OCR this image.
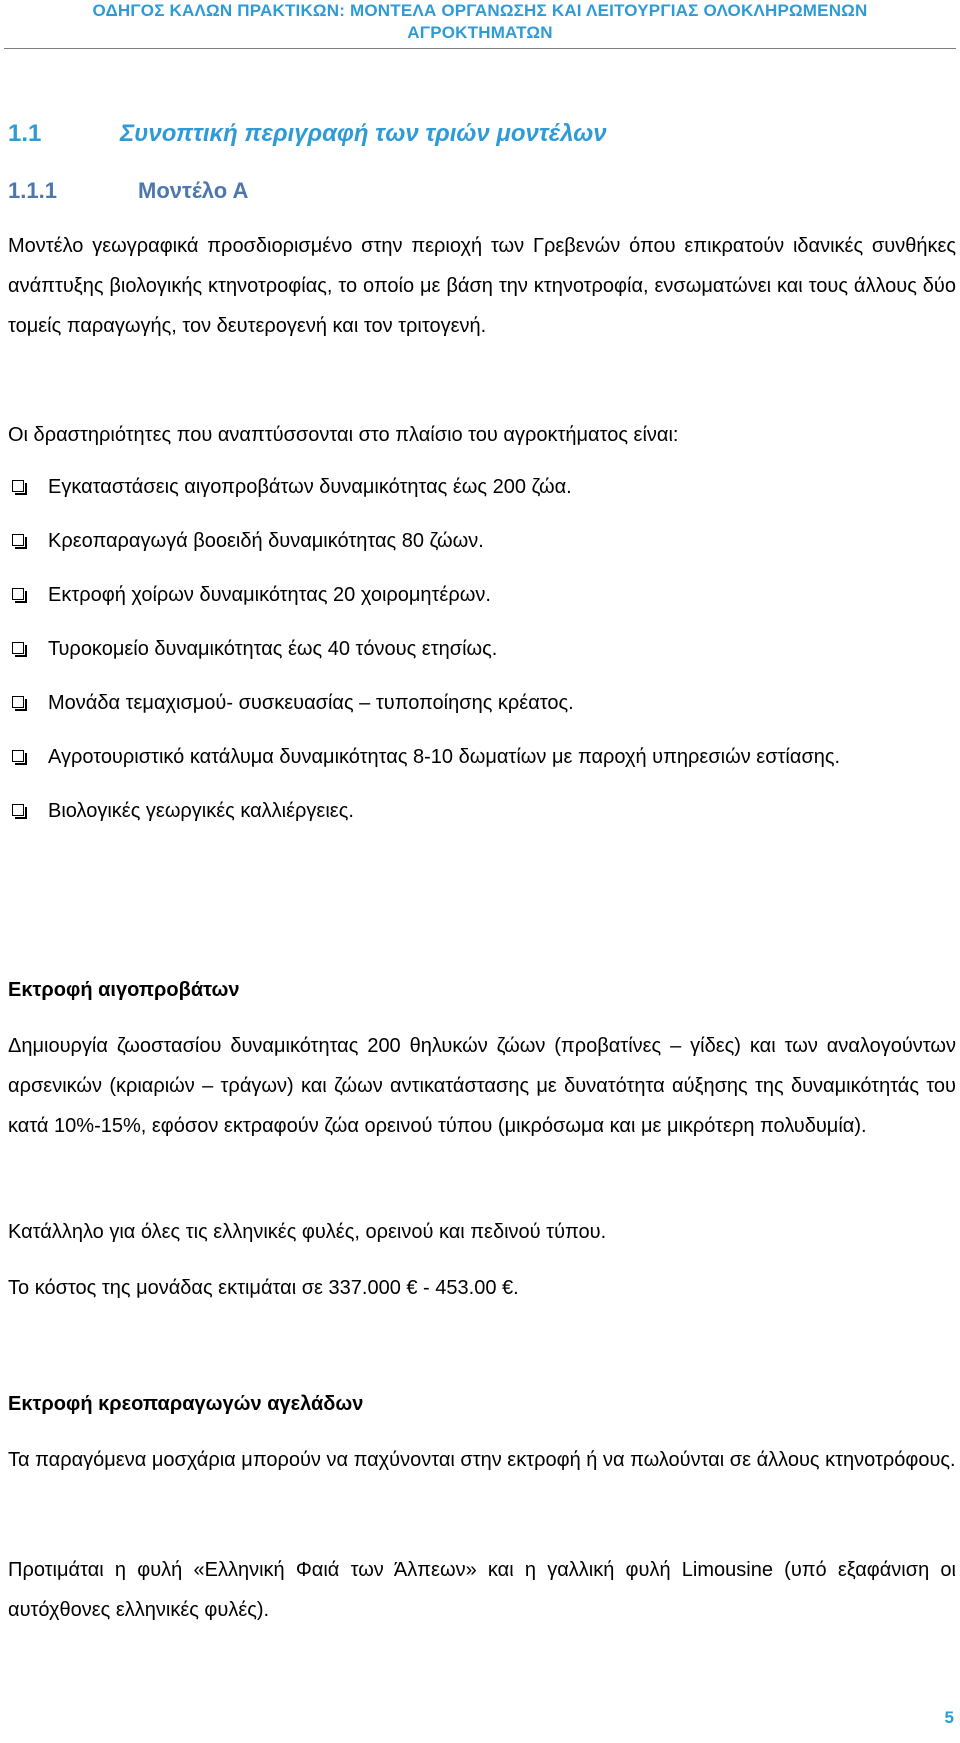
ΟΔΗΓΟΣ ΚΑΛΩΝ ΠΡΑΚΤΙΚΩΝ: ΜΟΝΤΕΛΑ ΟΡΓΑΝΩΣΗΣ ΚΑΙ ΛΕΙΤΟΥΡΓΙΑΣ ΟΛΟΚΛΗΡΩΜΕΝΩΝ
ΑΓΡΟΚΤΗΜΑΤΩΝ
1.1	Συνοπτική περιγραφή των τριών μοντέλων
1.1.1	Μοντέλο Α

Μοντέλο γεωγραφικά προσδιορισμένο στην περιοχή των Γρεβενών όπου επικρατούν ιδανικές συνθήκες ανάπτυξης βιολογικής κτηνοτροφίας, το οποίο με βάση την κτηνοτροφία, ενσωματώνει και τους άλλους δύο τομείς παραγωγής, τον δευτερογενή και τον τριτογενή.

Οι δραστηριότητες που αναπτύσσονται στο πλαίσιο του αγροκτήματος είναι:

Εγκαταστάσεις αιγοπροβάτων δυναμικότητας έως 200 ζώα.
Κρεοπαραγωγά βοοειδή δυναμικότητας 80 ζώων.
Εκτροφή χοίρων δυναμικότητας 20 χοιρομητέρων.
Τυροκομείο δυναμικότητας έως 40 τόνους ετησίως.
Μονάδα τεμαχισμού- συσκευασίας – τυποποίησης κρέατος.
Αγροτουριστικό κατάλυμα δυναμικότητας 8-10 δωματίων με παροχή υπηρεσιών εστίασης.
Βιολογικές γεωργικές καλλιέργειες.
Εκτροφή αιγοπροβάτων

Δημιουργία ζωοστασίου δυναμικότητας 200 θηλυκών ζώων (προβατίνες – γίδες) και των αναλογούντων αρσενικών (κριαριών – τράγων) και ζώων αντικατάστασης με δυνατότητα αύξησης της δυναμικότητάς του κατά 10%-15%, εφόσον εκτραφούν ζώα ορεινού τύπου (μικρόσωμα και με μικρότερη πολυδυμία).

Κατάλληλο για όλες τις ελληνικές φυλές, ορεινού και πεδινού τύπου.

Το κόστος της μονάδας εκτιμάται σε 337.000 € - 453.00 €.

Εκτροφή κρεοπαραγωγών αγελάδων

Τα παραγόμενα μοσχάρια μπορούν να παχύνονται στην εκτροφή ή να πωλούνται σε άλλους κτηνοτρόφους.

Προτιμάται η φυλή «Ελληνική Φαιά των Άλπεων» και η γαλλική φυλή Limousine (υπό εξαφάνιση οι αυτόχθονες ελληνικές φυλές).

5
